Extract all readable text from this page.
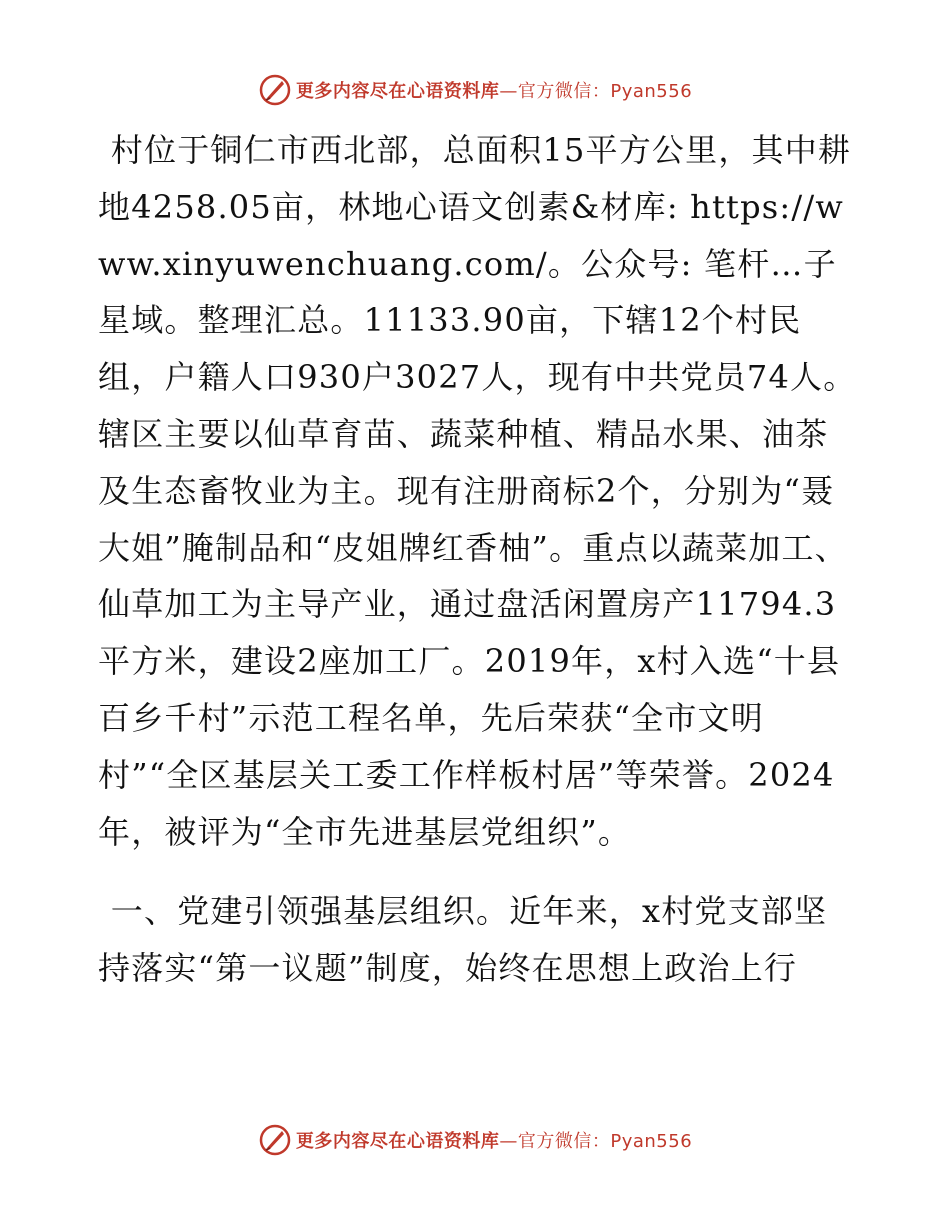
更多内容尽在心语资料库—官方微信：Pyan556

村位于铜仁市西北部，总面积15平方公里，其中耕地4258.05亩，林地心语文创素&材库: https://www.xinyuwenchuang.com/。公众号: 笔杆…子星域。整理汇总。11133.90亩，下辖12个村民组，户籍人口930户3027人，现有中共党员74人。辖区主要以仙草育苗、蔬菜种植、精品水果、油茶及生态畜牧业为主。现有注册商标2个，分别为“聂大姐”腌制品和“皮姐牌红香柚”。重点以蔬菜加工、仙草加工为主导产业，通过盘活闲置房产11794.3平方米，建设2座加工厂。2019年，x村入选“十县百乡千村”示范工程名单，先后荣获“全市文明村”“全区基层关工委工作样板村居”等荣誉。2024年，被评为“全市先进基层党组织”。

一、党建引领强基层组织。近年来，x村党支部坚持落实“第一议题”制度，始终在思想上政治上行

更多内容尽在心语资料库—官方微信：Pyan556
